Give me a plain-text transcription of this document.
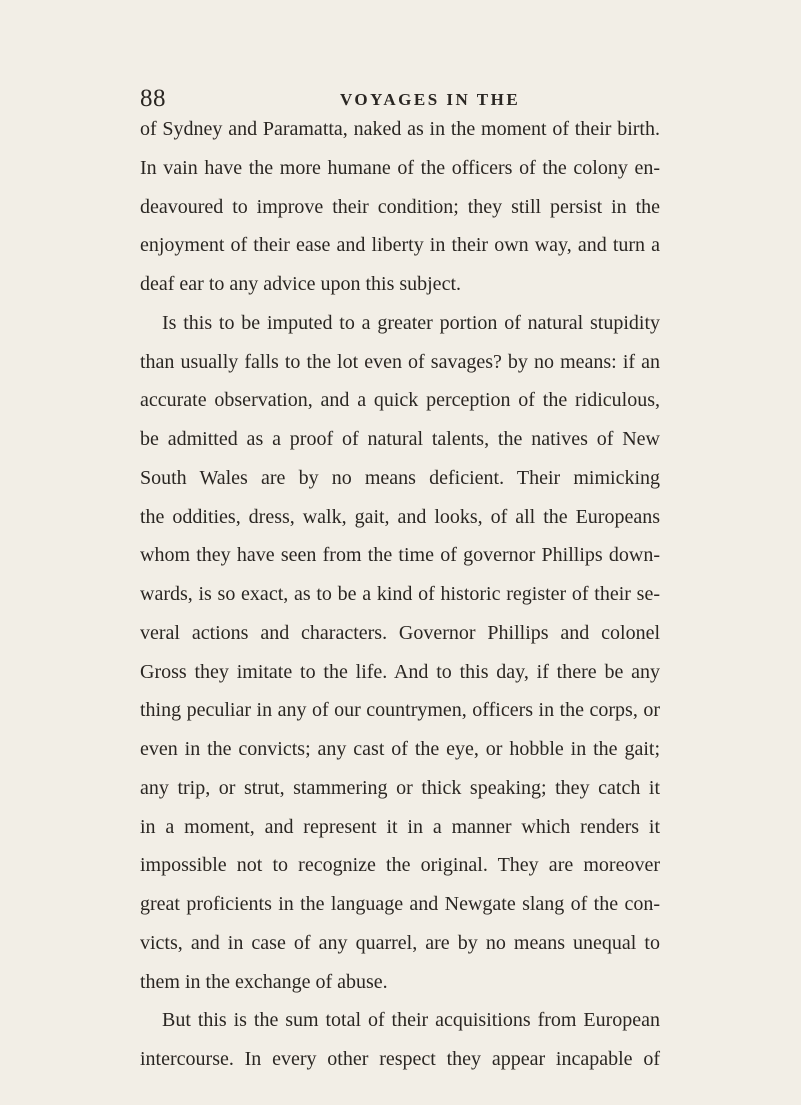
88	VOYAGES IN THE
of Sydney and Paramatta, naked as in the moment of their birth.
In vain have the more humane of the officers of the colony en-
deavoured to improve their condition; they still persist in the
enjoyment of their ease and liberty in their own way, and turn a
deaf ear to any advice upon this subject.
Is this to be imputed to a greater portion of natural stupidity
than usually falls to the lot even of savages? by no means: if an
accurate observation, and a quick perception of the ridiculous,
be admitted as a proof of natural talents, the natives of New
South Wales are by no means deficient. Their mimicking
the oddities, dress, walk, gait, and looks, of all the Europeans
whom they have seen from the time of governor Phillips down-
wards, is so exact, as to be a kind of historic register of their se-
veral actions and characters. Governor Phillips and colonel
Gross they imitate to the life. And to this day, if there be any
thing peculiar in any of our countrymen, officers in the corps, or
even in the convicts; any cast of the eye, or hobble in the gait;
any trip, or strut, stammering or thick speaking; they catch it
in a moment, and represent it in a manner which renders it
impossible not to recognize the original. They are moreover
great proficients in the language and Newgate slang of the con-
victs, and in case of any quarrel, are by no means unequal to
them in the exchange of abuse.
But this is the sum total of their acquisitions from European
intercourse. In every other respect they appear incapable of
